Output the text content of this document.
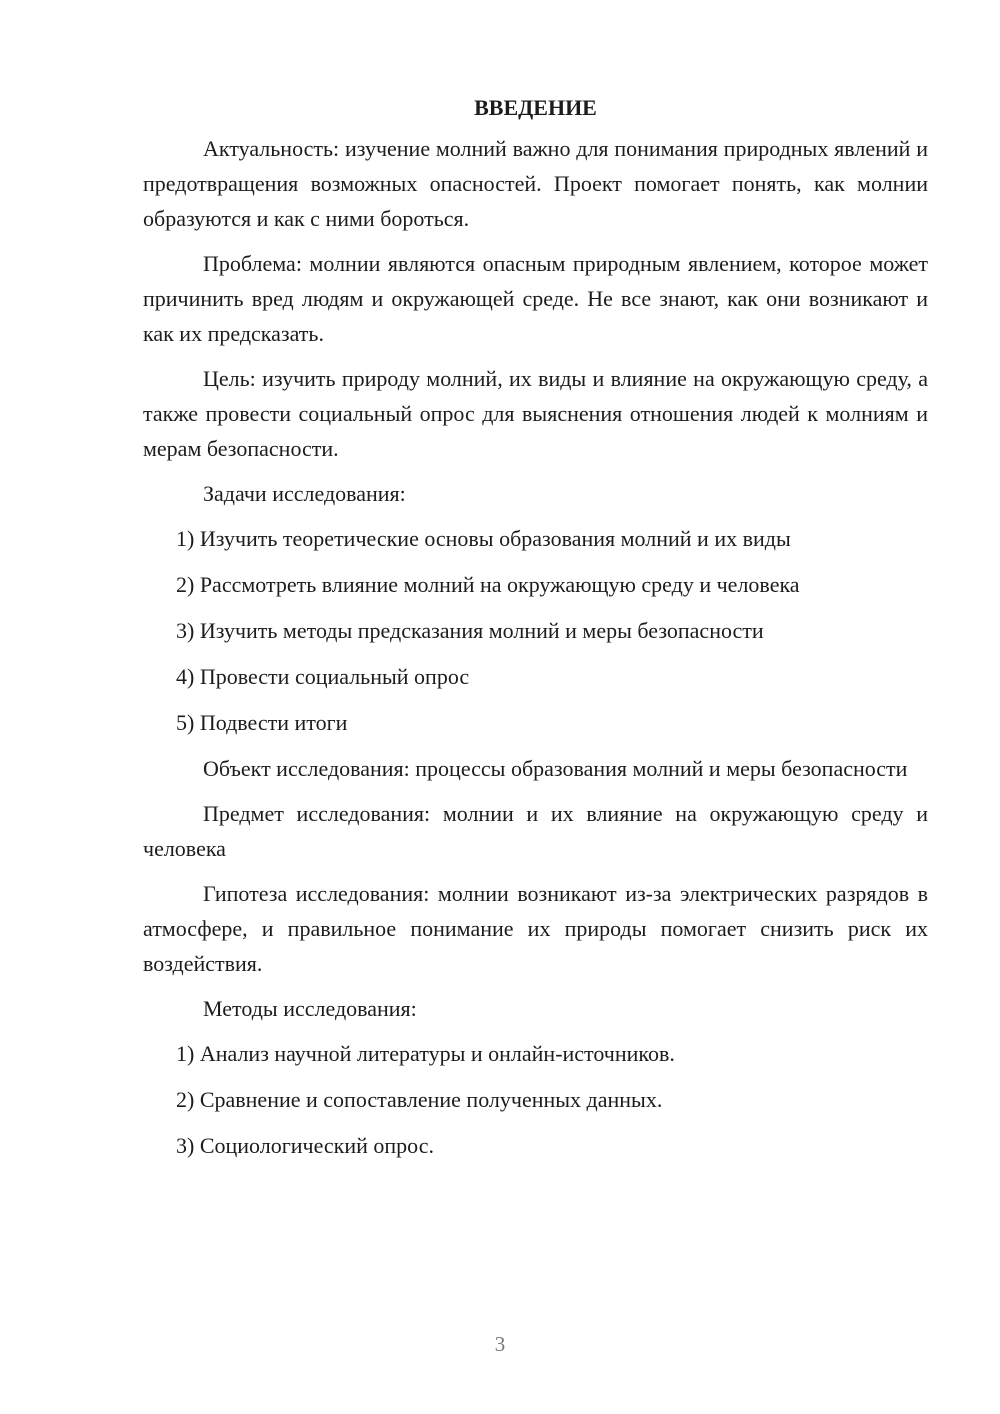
ВВЕДЕНИЕ

Актуальность: изучение молний важно для понимания природных явлений и предотвращения возможных опасностей. Проект помогает понять, как молнии образуются и как с ними бороться.

Проблема: молнии являются опасным природным явлением, которое может причинить вред людям и окружающей среде. Не все знают, как они возникают и как их предсказать.

Цель: изучить природу молний, их виды и влияние на окружающую среду, а также провести социальный опрос для выяснения отношения людей к молниям и мерам безопасности.

Задачи исследования:

1) Изучить теоретические основы образования молний и их виды
2) Рассмотреть влияние молний на окружающую среду и человека
3) Изучить методы предсказания молний и меры безопасности
4) Провести социальный опрос
5) Подвести итоги

Объект исследования: процессы образования молний и меры безопасности

Предмет исследования: молнии и их влияние на окружающую среду и человека

Гипотеза исследования: молнии возникают из-за электрических разрядов в атмосфере, и правильное понимание их природы помогает снизить риск их воздействия.

Методы исследования:

1) Анализ научной литературы и онлайн-источников.
2) Сравнение и сопоставление полученных данных.
3) Социологический опрос.
3
